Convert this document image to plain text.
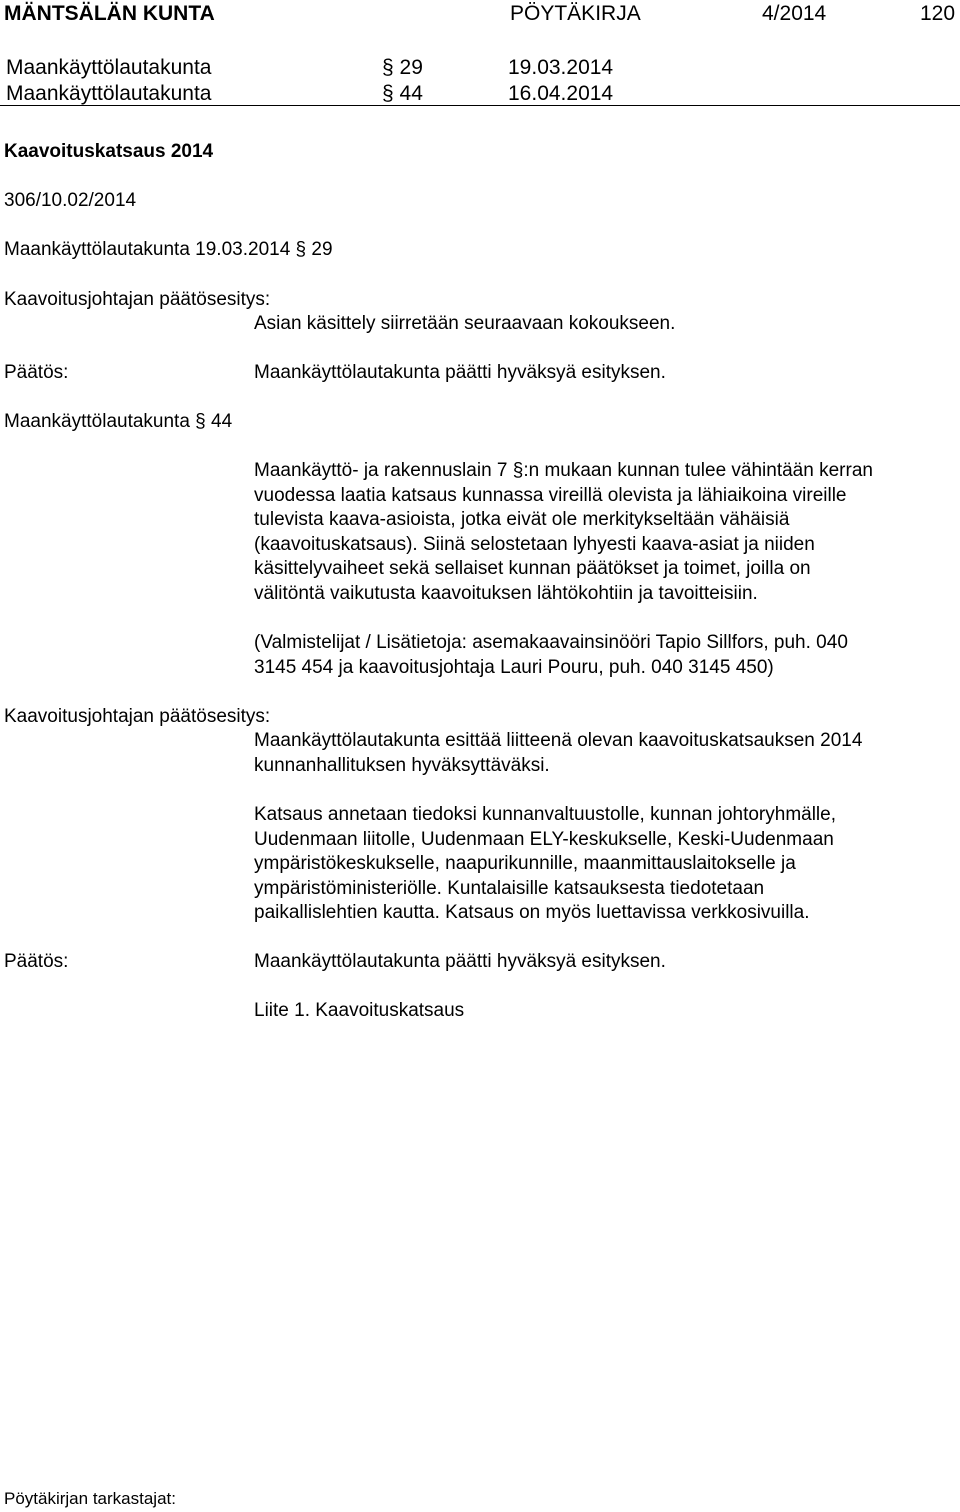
MÄNTSÄLÄN KUNTA	PÖYTÄKIRJA	4/2014	120
Maankäyttölautakunta	§ 29	19.03.2014
Maankäyttölautakunta	§ 44	16.04.2014
Kaavoituskatsaus 2014
306/10.02/2014
Maankäyttölautakunta 19.03.2014 § 29
Kaavoitusjohtajan päätösesitys:
Asian käsittely siirretään seuraavaan kokoukseen.
Päätös:	Maankäyttölautakunta päätti hyväksyä esityksen.
Maankäyttölautakunta § 44
Maankäyttö- ja rakennuslain 7 §:n mukaan kunnan tulee vähintään kerran
vuodessa laatia katsaus kunnassa vireillä olevista ja lähiaikoina vireille
tulevista kaava-asioista, jotka eivät ole merkitykseltään vähäisiä
(kaavoituskatsaus). Siinä selostetaan lyhyesti kaava-asiat ja niiden
käsittelyvaiheet sekä sellaiset kunnan päätökset ja toimet, joilla on
välitöntä vaikutusta kaavoituksen lähtökohtiin ja tavoitteisiin.
(Valmistelijat / Lisätietoja: asemakaavainsinööri Tapio Sillfors, puh. 040
3145 454 ja kaavoitusjohtaja Lauri Pouru, puh. 040 3145 450)
Kaavoitusjohtajan päätösesitys:
Maankäyttölautakunta esittää liitteenä olevan kaavoituskatsauksen 2014
kunnanhallituksen hyväksyttäväksi.
Katsaus annetaan tiedoksi kunnanvaltuustolle, kunnan johtoryhmälle,
Uudenmaan liitolle, Uudenmaan ELY-keskukselle, Keski-Uudenmaan
ympäristökeskukselle, naapurikunnille, maanmittauslaitokselle ja
ympäristöministeriölle. Kuntalaisille katsauksesta tiedotetaan
paikallislehtien kautta. Katsaus on myös luettavissa verkkosivuilla.
Päätös:	Maankäyttölautakunta päätti hyväksyä esityksen.
Liite 1. Kaavoituskatsaus
Pöytäkirjan tarkastajat:
